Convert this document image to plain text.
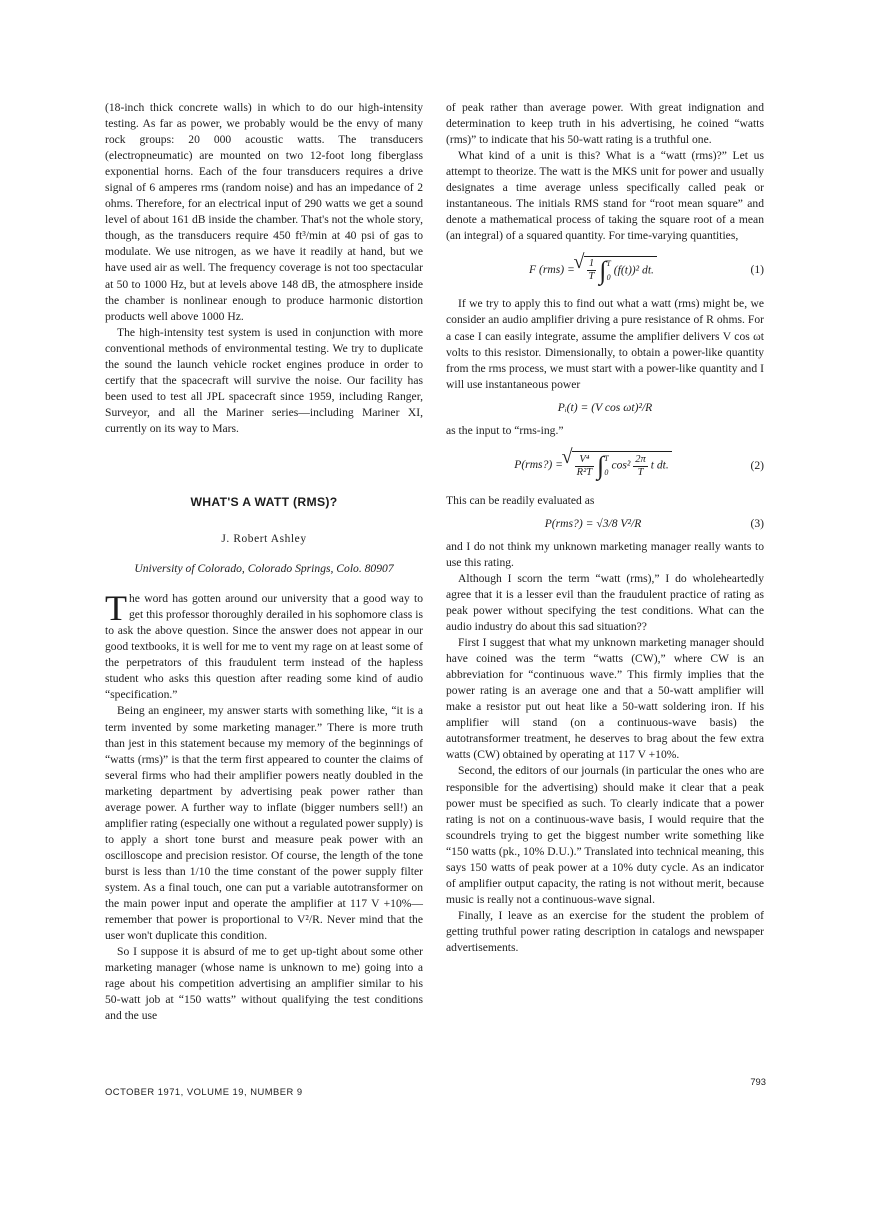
(18-inch thick concrete walls) in which to do our high-intensity testing. As far as power, we probably would be the envy of many rock groups: 20 000 acoustic watts. The transducers (electropneumatic) are mounted on two 12-foot long fiberglass exponential horns. Each of the four transducers requires a drive signal of 6 amperes rms (random noise) and has an impedance of 2 ohms. Therefore, for an electrical input of 290 watts we get a sound level of about 161 dB inside the chamber. That's not the whole story, though, as the transducers require 450 ft³/min at 40 psi of gas to modulate. We use nitrogen, as we have it readily at hand, but we have used air as well. The frequency coverage is not too spectacular at 50 to 1000 Hz, but at levels above 148 dB, the atmosphere inside the chamber is nonlinear enough to produce harmonic distortion products well above 1000 Hz.

The high-intensity test system is used in conjunction with more conventional methods of environmental testing. We try to duplicate the sound the launch vehicle rocket engines produce in order to certify that the spacecraft will survive the noise. Our facility has been used to test all JPL spacecraft since 1959, including Ranger, Surveyor, and all the Mariner series—including Mariner XI, currently on its way to Mars.

WHAT'S A WATT (RMS)?

J. Robert Ashley

University of Colorado, Colorado Springs, Colo. 80907

The word has gotten around our university that a good way to get this professor thoroughly derailed in his sophomore class is to ask the above question. Since the answer does not appear in our good textbooks, it is well for me to vent my rage on at least some of the perpetrators of this fraudulent term instead of the hapless student who asks this question after reading some kind of audio “specification.”

Being an engineer, my answer starts with something like, “it is a term invented by some marketing manager.” There is more truth than jest in this statement because my memory of the beginnings of “watts (rms)” is that the term first appeared to counter the claims of several firms who had their amplifier powers neatly doubled in the marketing department by advertising peak power rather than average power. A further way to inflate (bigger numbers sell!) an amplifier rating (especially one without a regulated power supply) is to apply a short tone burst and measure peak power with an oscilloscope and precision resistor. Of course, the length of the tone burst is less than 1/10 the time constant of the power supply filter system. As a final touch, one can put a variable autotransformer on the main power input and operate the amplifier at 117 V +10%—remember that power is proportional to V²/R. Never mind that the user won't duplicate this condition.

So I suppose it is absurd of me to get up-tight about some other marketing manager (whose name is unknown to me) going into a rage about his competition advertising an amplifier similar to his 50-watt job at “150 watts” without qualifying the test conditions and the use

of peak rather than average power. With great indignation and determination to keep truth in his advertising, he coined “watts (rms)” to indicate that his 50-watt rating is a truthful one.

What kind of a unit is this? What is a “watt (rms)?” Let us attempt to theorize. The watt is the MKS unit for power and usually designates a time average unless specifically called peak or instantaneous. The initials RMS stand for “root mean square” and denote a mathematical process of taking the square root of a mean (an integral) of a squared quantity. For time-varying quantities,

F (rms) = √ $\frac{1}{T}$ ∫ T
0
(f(t))² dt.	(1)

If we try to apply this to find out what a watt (rms) might be, we consider an audio amplifier driving a pure resistance of R ohms. For a case I can easily integrate, assume the amplifier delivers V cos ωt volts to this resistor. Dimensionally, to obtain a power-like quantity from the rms process, we must start with a power-like quantity and I will use instantaneous power

Pᵢ(t) = (V cos ωt)²/R

as the input to “rms-ing.”

P(rms?) = √ $\frac{\text{V⁴}}{\text{R²T}}$ ∫ T
0
$\cos^2 \frac{2\pi}{T}$ t dt.	(2)

This can be readily evaluated as

P(rms?) = √3/8 V²/R	(3)

and I do not think my unknown marketing manager really wants to use this rating.

Although I scorn the term “watt (rms),” I do wholeheartedly agree that it is a lesser evil than the fraudulent practice of rating as peak power without specifying the test conditions. What can the audio industry do about this sad situation??

First I suggest that what my unknown marketing manager should have coined was the term “watts (CW),” where CW is an abbreviation for “continuous wave.” This firmly implies that the power rating is an average one and that a 50-watt amplifier will make a resistor put out heat like a 50-watt soldering iron. If his amplifier will stand (on a continuous-wave basis) the autotransformer treatment, he deserves to brag about the few extra watts (CW) obtained by operating at 117 V +10%.

Second, the editors of our journals (in particular the ones who are responsible for the advertising) should make it clear that a peak power must be specified as such. To clearly indicate that a power rating is not on a continuous-wave basis, I would require that the scoundrels trying to get the biggest number write something like “150 watts (pk., 10% D.U.).” Translated into technical meaning, this says 150 watts of peak power at a 10% duty cycle. As an indicator of amplifier output capacity, the rating is not without merit, because music is really not a continuous-wave signal.

Finally, I leave as an exercise for the student the problem of getting truthful power rating description in catalogs and newspaper advertisements.

OCTOBER 1971, VOLUME 19, NUMBER 9
793
